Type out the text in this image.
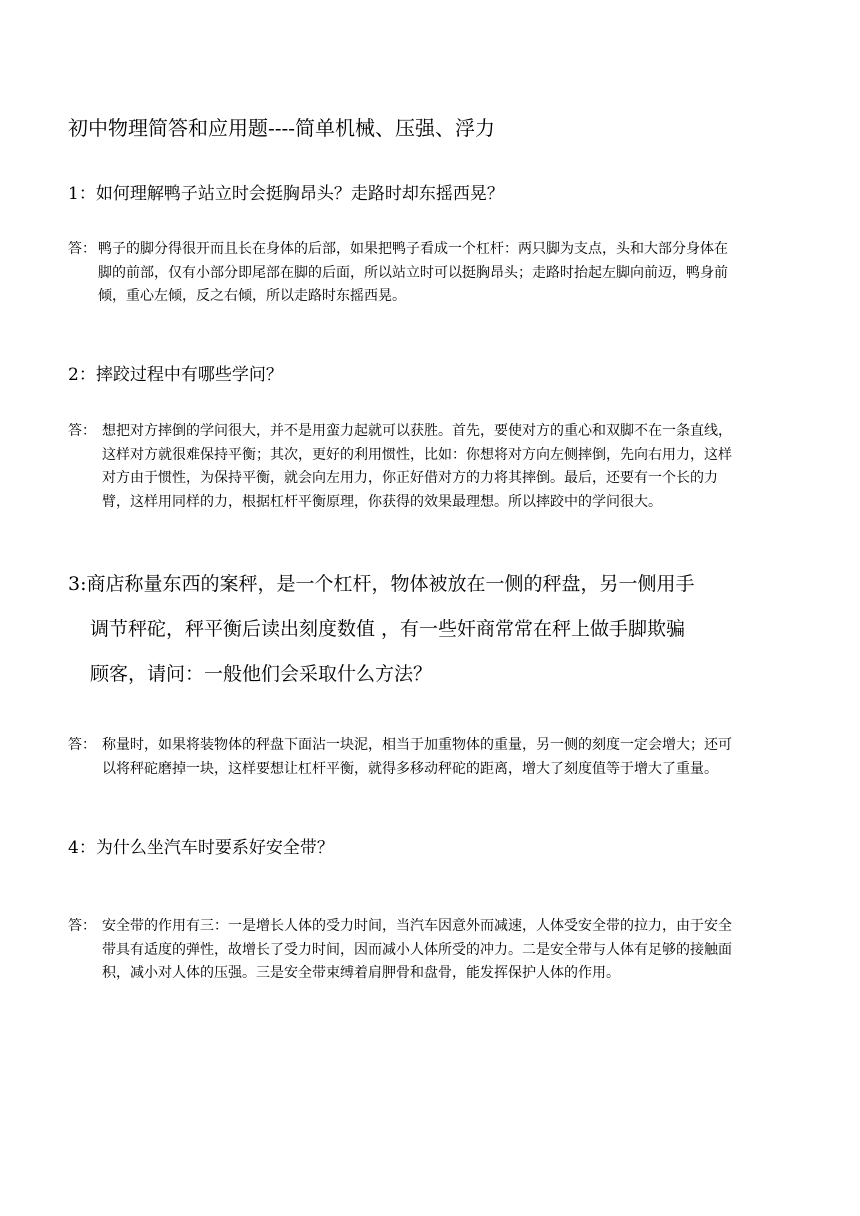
初中物理简答和应用题----简单机械、压强、浮力
1：如何理解鸭子站立时会挺胸昂头？走路时却东摇西晃？
答： 鸭子的脚分得很开而且长在身体的后部，如果把鸭子看成一个杠杆：两只脚为支点，头和大部分身体在脚的前部，仅有小部分即尾部在脚的后面，所以站立时可以挺胸昂头；走路时抬起左脚向前迈，鸭身前倾，重心左倾，反之右倾，所以走路时东摇西晃。
2：摔跤过程中有哪些学问？
答： 想把对方摔倒的学问很大，并不是用蛮力起就可以获胜。首先，要使对方的重心和双脚不在一条直线，这样对方就很难保持平衡；其次，更好的利用惯性，比如：你想将对方向左侧摔倒，先向右用力，这样对方由于惯性，为保持平衡，就会向左用力，你正好借对方的力将其摔倒。最后，还要有一个长的力臂，这样用同样的力，根据杠杆平衡原理，你获得的效果最理想。所以摔跤中的学问很大。
3:商店称量东西的案秤，是一个杠杆，物体被放在一侧的秤盘，另一侧用手
调节秤砣，秤平衡后读出刻度数值 ，有一些奸商常常在秤上做手脚欺骗
顾客，请问：一般他们会采取什么方法？
答： 称量时，如果将装物体的秤盘下面沾一块泥，相当于加重物体的重量，另一侧的刻度一定会增大；还可以将秤砣磨掉一块，这样要想让杠杆平衡，就得多移动秤砣的距离，增大了刻度值等于增大了重量。
4：为什么坐汽车时要系好安全带？
答： 安全带的作用有三：一是增长人体的受力时间，当汽车因意外而减速，人体受安全带的拉力，由于安全带具有适度的弹性，故增长了受力时间，因而减小人体所受的冲力。二是安全带与人体有足够的接触面积，减小对人体的压强。三是安全带束缚着肩胛骨和盘骨，能发挥保护人体的作用。
